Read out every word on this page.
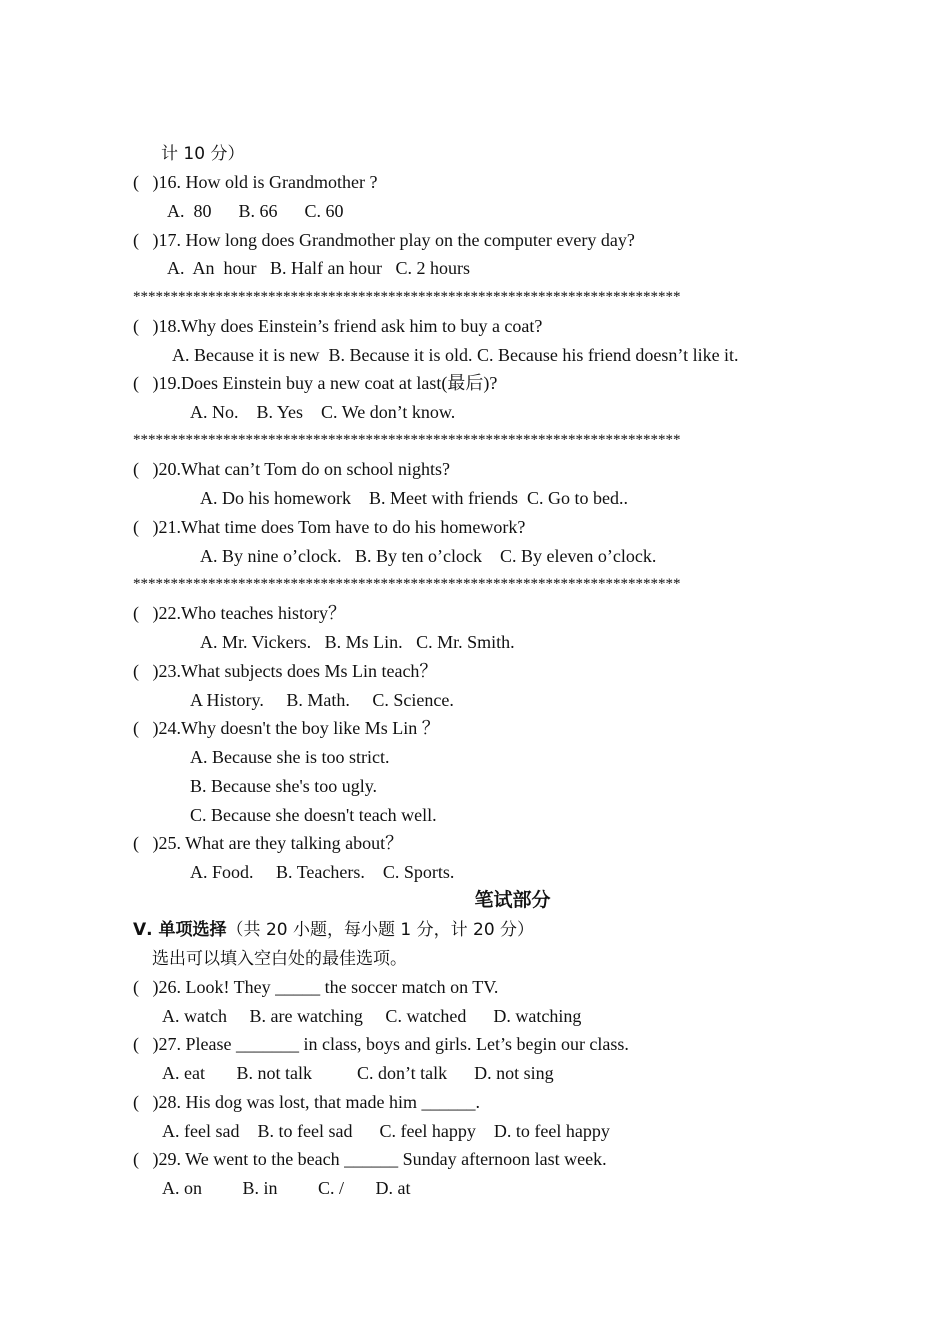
计 10 分）
(   )16. How old is Grandmother ?
A.  80      B. 66      C. 60
(   )17. How long does Grandmother play on the computer every day?
A.  An  hour   B. Half an hour   C. 2 hours
*************************************************************************
(   )18.Why does Einstein’s friend ask him to buy a coat?
A. Because it is new  B. Because it is old. C. Because his friend doesn’t like it.
(   )19.Does Einstein buy a new coat at last(最后)?
A. No.    B. Yes    C. We don’t know.
*************************************************************************
(   )20.What can’t Tom do on school nights?
A. Do his homework    B. Meet with friends  C. Go to bed..
(   )21.What time does Tom have to do his homework?
A. By nine o’clock.   B. By ten o’clock    C. By eleven o’clock.
*************************************************************************
(   )22.Who teaches history？
A. Mr. Vickers.   B. Ms Lin.   C. Mr. Smith.
(   )23.What subjects does Ms Lin teach？
A History.     B. Math.     C. Science.
(   )24.Why doesn't the boy like Ms Lin ？
A. Because she is too strict.
B. Because she's too ugly.
C. Because she doesn't teach well.
(   )25. What are they talking about？
A. Food.     B. Teachers.    C. Sports.
笔试部分
Ⅴ. 单项选择（共 20 小题，每小题 1 分，计 20 分）
选出可以填入空白处的最佳选项。
(   )26. Look! They _____ the soccer match on TV.
A. watch     B. are watching     C. watched      D. watching
(   )27. Please _______ in class, boys and girls. Let’s begin our class.
A. eat       B. not talk          C. don’t talk      D. not sing
(   )28. His dog was lost, that made him ______.
A. feel sad    B. to feel sad      C. feel happy    D. to feel happy
(   )29. We went to the beach ______ Sunday afternoon last week.
A. on         B. in         C. /       D. at
